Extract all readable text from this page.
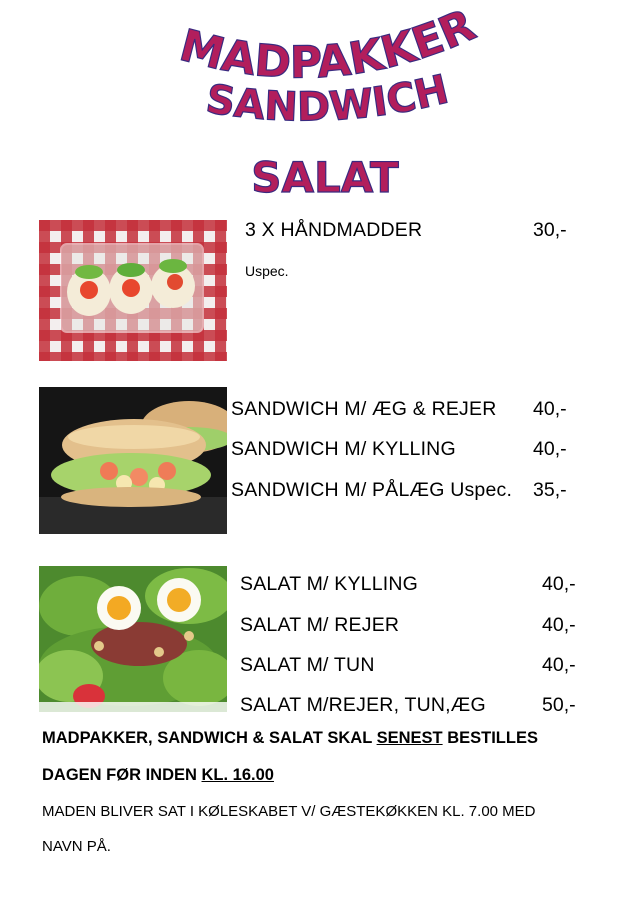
MADPAKKER
SANDWICH
SALAT
3 X HÅNDMADDER	30,-
Uspec.
SANDWICH M/ ÆG & REJER 40,-
SANDWICH M/ KYLLING	40,-
SANDWICH M/ PÅLÆG Uspec. 35,-
SALAT M/ KYLLING	40,-
SALAT M/ REJER	40,-
SALAT M/ TUN	40,-
SALAT M/REJER, TUN,ÆG	50,-
MADPAKKER, SANDWICH & SALAT SKAL SENEST BESTILLES
DAGEN FØR INDEN KL. 16.00
MADEN BLIVER SAT I KØLESKABET V/ GÆSTEKØKKEN KL. 7.00 MED
NAVN PÅ.
